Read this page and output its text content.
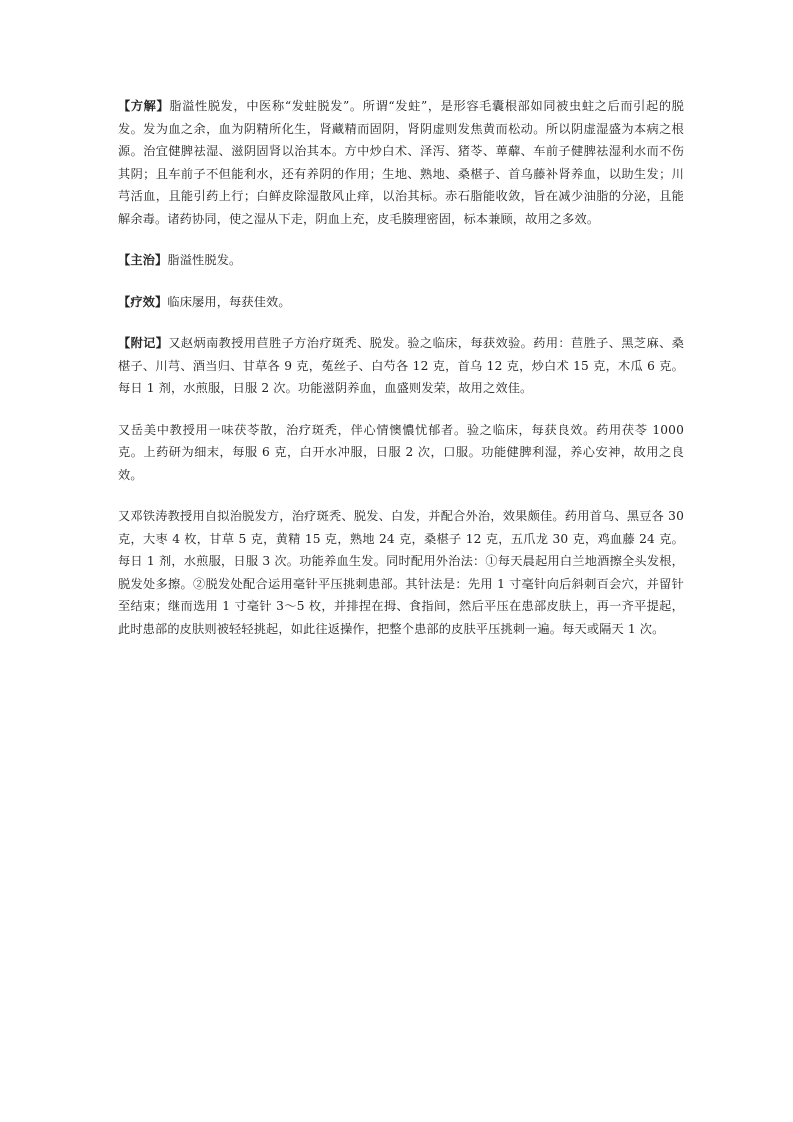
【方解】脂溢性脱发，中医称“发蛀脱发”。所谓“发蛀”，是形容毛囊根部如同被虫蛀之后而引起的脱发。发为血之余，血为阴精所化生，肾藏精而固阴，肾阴虚则发焦黄而松动。所以阴虚湿盛为本病之根源。治宜健脾祛湿、滋阴固肾以治其本。方中炒白术、泽泻、猪苓、萆薢、车前子健脾祛湿利水而不伤其阴；且车前子不但能利水，还有养阴的作用；生地、熟地、桑椹子、首乌藤补肾养血，以助生发；川芎活血，且能引药上行；白鲜皮除湿散风止痒，以治其标。赤石脂能收敛，旨在减少油脂的分泌，且能解余毒。诸药协同，使之湿从下走，阴血上充，皮毛腠理密固，标本兼顾，故用之多效。

【主治】脂溢性脱发。

【疗效】临床屡用，每获佳效。

【附记】又赵炳南教授用苣胜子方治疗斑秃、脱发。验之临床，每获效验。药用：苣胜子、黑芝麻、桑椹子、川芎、酒当归、甘草各 9 克，菟丝子、白芍各 12 克，首乌 12 克，炒白术 15 克，木瓜 6 克。每日 1 剂，水煎服，日服 2 次。功能滋阴养血，血盛则发荣，故用之效佳。

又岳美中教授用一味茯苓散，治疗斑秃，伴心情懊憹忧郁者。验之临床，每获良效。药用茯苓 1000 克。上药研为细末，每服 6 克，白开水冲服，日服 2 次，口服。功能健脾利湿，养心安神，故用之良效。

又邓铁涛教授用自拟治脱发方，治疗斑秃、脱发、白发，并配合外治，效果颇佳。药用首乌、黑豆各 30 克，大枣 4 枚，甘草 5 克，黄精 15 克，熟地 24 克，桑椹子 12 克，五爪龙 30 克，鸡血藤 24 克。每日 1 剂，水煎服，日服 3 次。功能养血生发。同时配用外治法：①每天晨起用白兰地酒擦全头发根，脱发处多擦。②脱发处配合运用毫针平压挑刺患部。其针法是：先用 1 寸毫针向后斜刺百会穴，并留针至结束；继而选用 1 寸毫针 3～5 枚，并排捏在拇、食指间，然后平压在患部皮肤上，再一齐平提起，此时患部的皮肤则被轻轻挑起，如此往返操作，把整个患部的皮肤平压挑刺一遍。每天或隔天 1 次。
